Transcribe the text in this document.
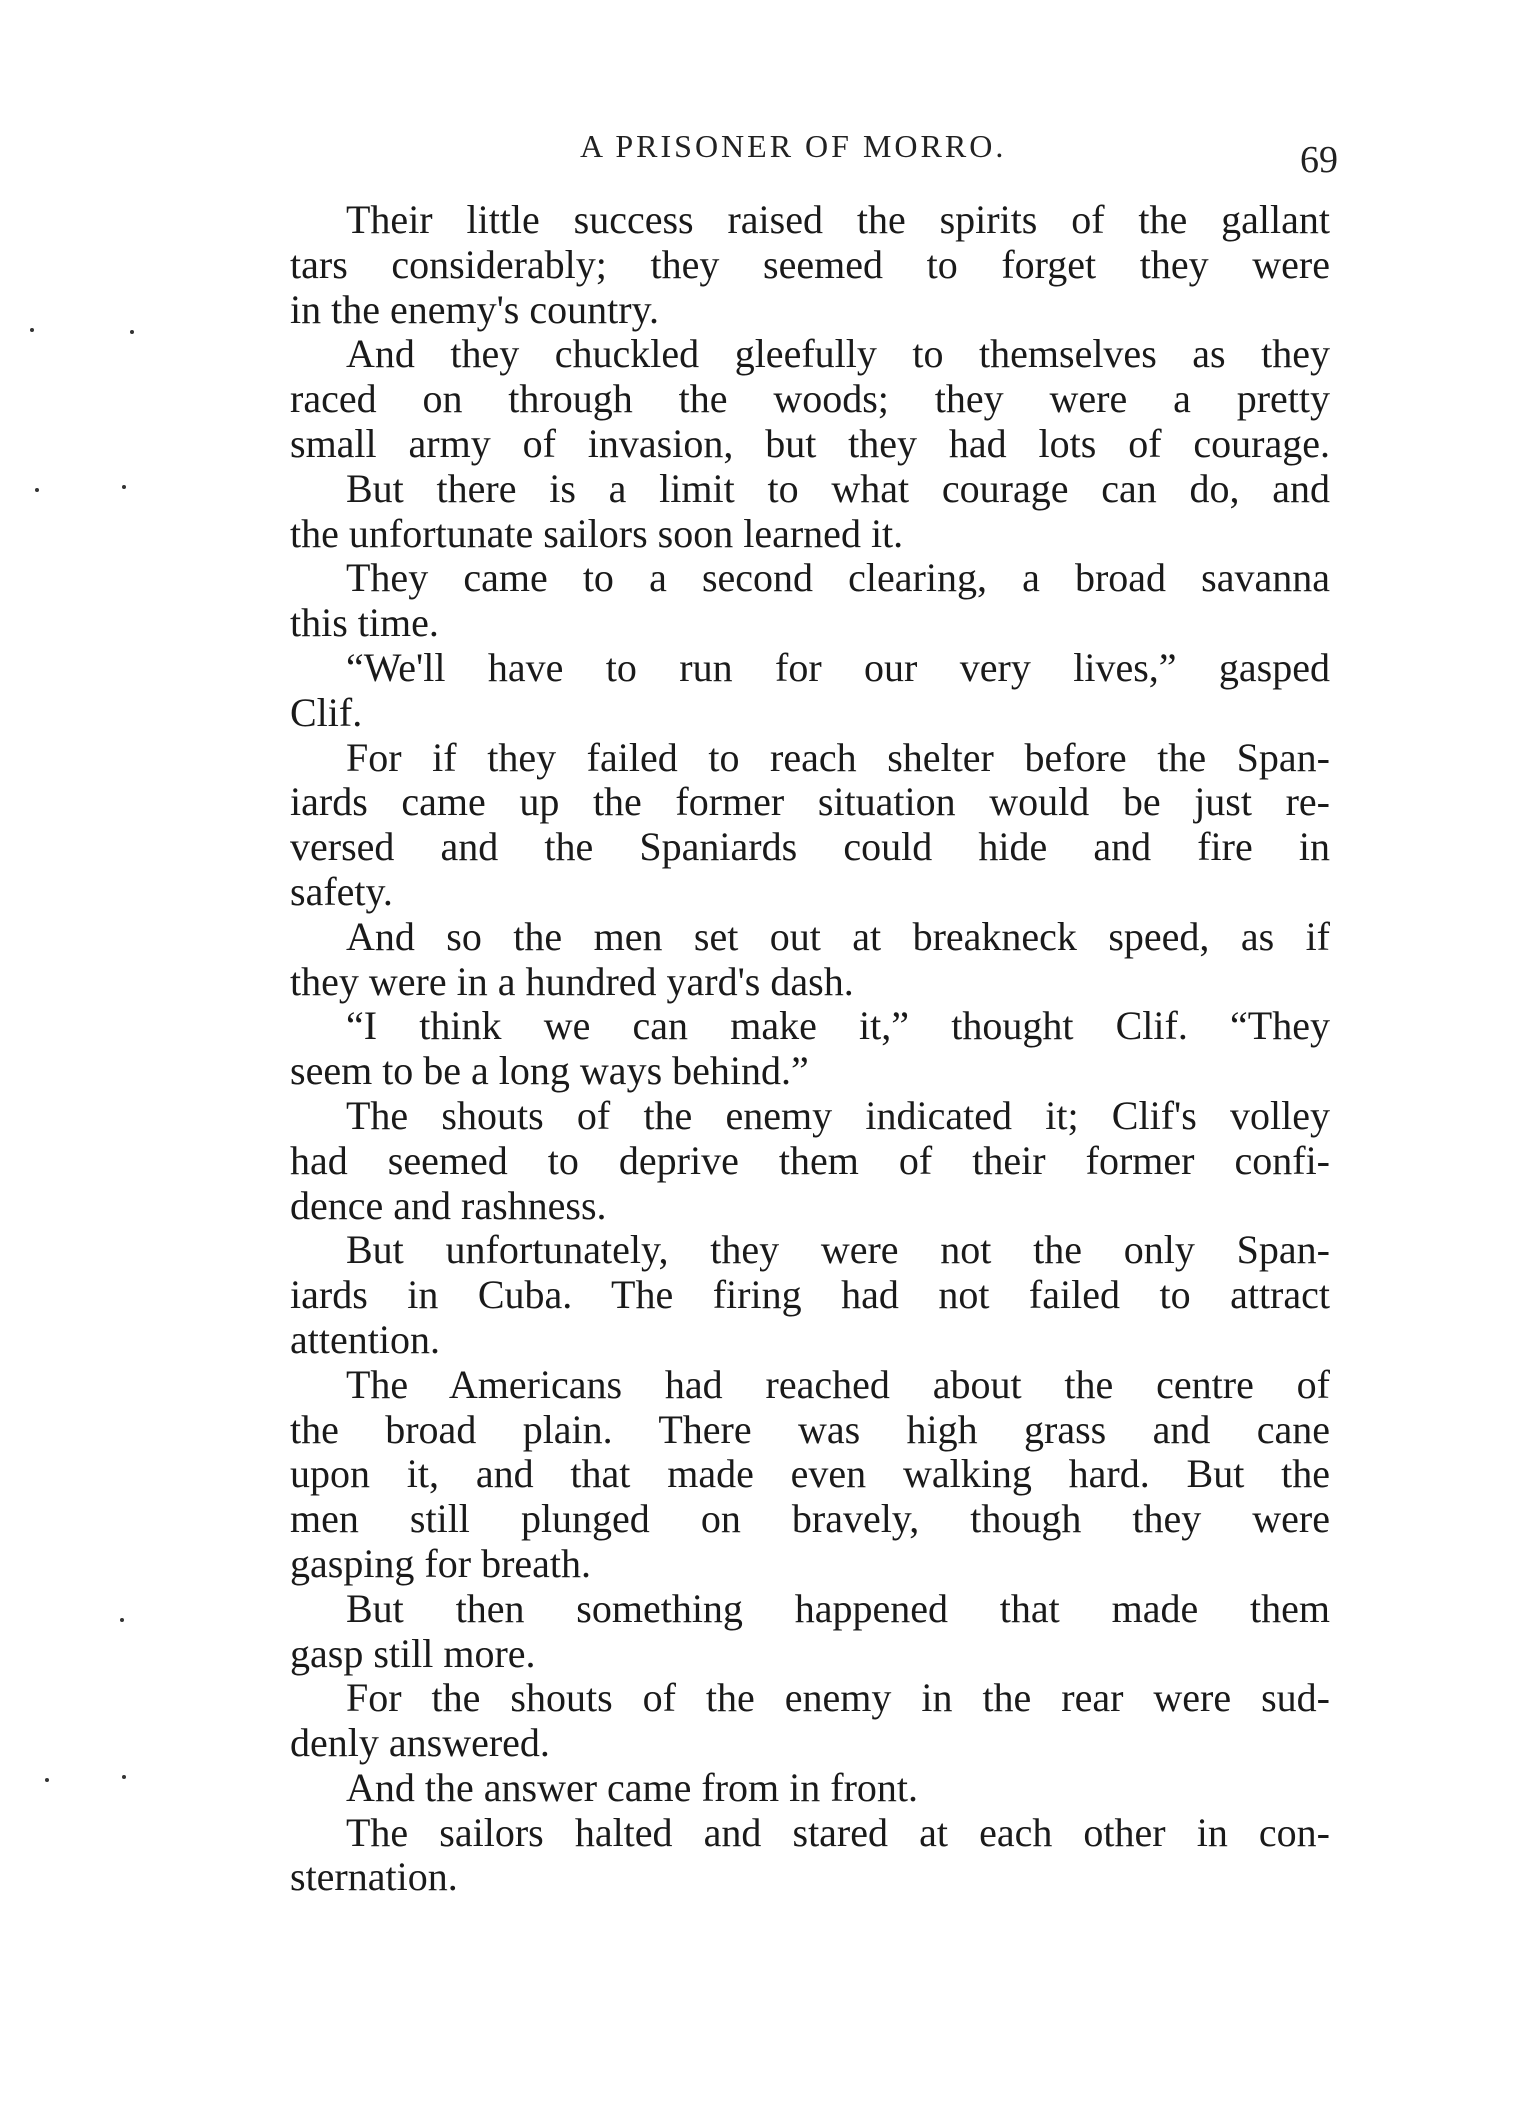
A PRISONER OF MORRO.	69
Their little success raised the spirits of the gallant
tars considerably; they seemed to forget they were
in the enemy's country.
And they chuckled gleefully to themselves as they
raced on through the woods; they were a pretty
small army of invasion, but they had lots of courage.
But there is a limit to what courage can do, and
the unfortunate sailors soon learned it.
They came to a second clearing, a broad savanna
this time.
“We'll have to run for our very lives,” gasped
Clif.
For if they failed to reach shelter before the Span-
iards came up the former situation would be just re-
versed and the Spaniards could hide and fire in
safety.
And so the men set out at breakneck speed, as if
they were in a hundred yard's dash.
“I think we can make it,” thought Clif. “They
seem to be a long ways behind.”
The shouts of the enemy indicated it; Clif's volley
had seemed to deprive them of their former confi-
dence and rashness.
But unfortunately, they were not the only Span-
iards in Cuba. The firing had not failed to attract
attention.
The Americans had reached about the centre of
the broad plain. There was high grass and cane
upon it, and that made even walking hard. But the
men still plunged on bravely, though they were
gasping for breath.
But then something happened that made them
gasp still more.
For the shouts of the enemy in the rear were sud-
denly answered.
And the answer came from in front.
The sailors halted and stared at each other in con-
sternation.
